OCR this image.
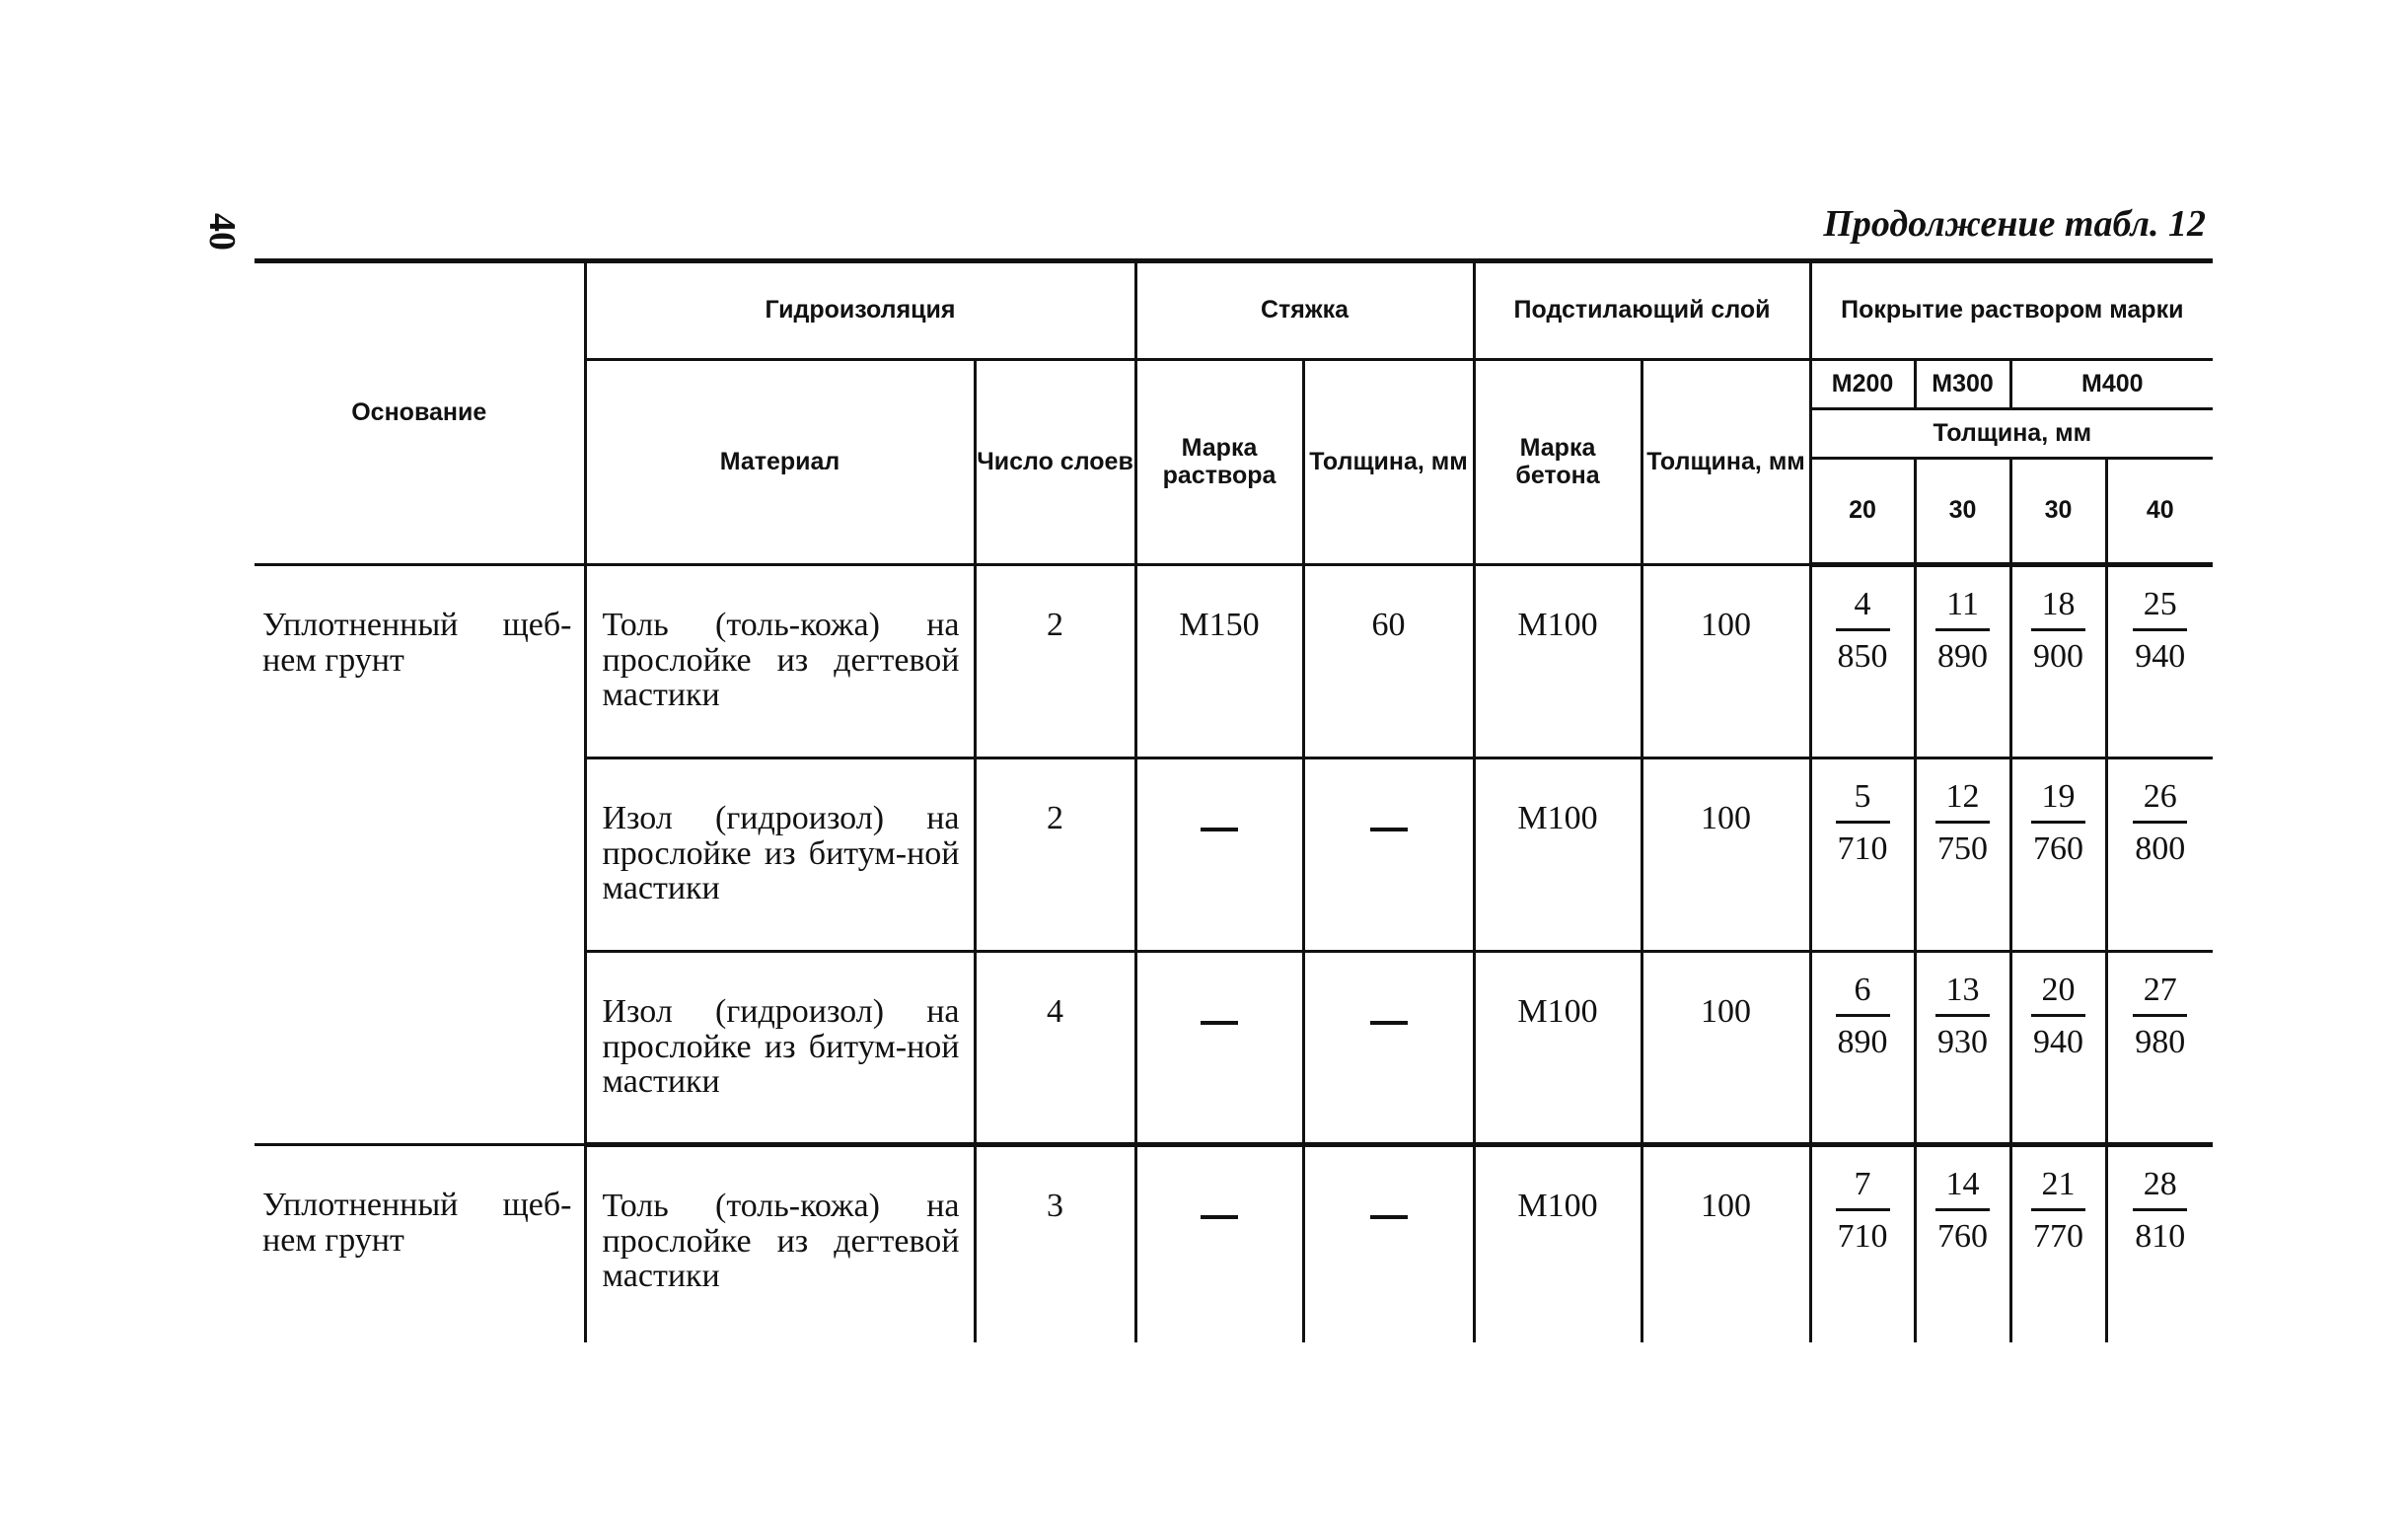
40	Продолжение табл. 12
Основание	Гидроизоляция		Стяжка		Подстилающий слой		Покрытие раствором марки			
	Материал	Число слоев	Марка раствора	Толщина, мм	Марка бетона	Толщина, мм	М200	М300	М400	
							Толщина, мм			

							20	30	30	40
Уплотненный щеб-нем грунт	Толь (толь-кожа) на прослойке из дегтевой мастики	2	М150	60	М100	100	$\frac{4}{850}$	$\frac{11}{890}$	$\frac{18}{900}$	$\frac{25}{940}$

	Изол (гидроизол) на прослойке из битум-ной мастики	2			М100	100	$\frac{5}{710}$	$\frac{12}{750}$	$\frac{19}{760}$	$\frac{26}{800}$

	Изол (гидроизол) на прослойке из битум-ной мастики	4			М100	100	$\frac{6}{890}$	$\frac{13}{930}$	$\frac{20}{940}$	$\frac{27}{980}$

Уплотненный щеб-нем грунт	Толь (толь-кожа) на прослойке из дегтевой мастики	3			М100	100	$\frac{7}{710}$	$\frac{14}{760}$	$\frac{21}{770}$	$\frac{28}{810}$
